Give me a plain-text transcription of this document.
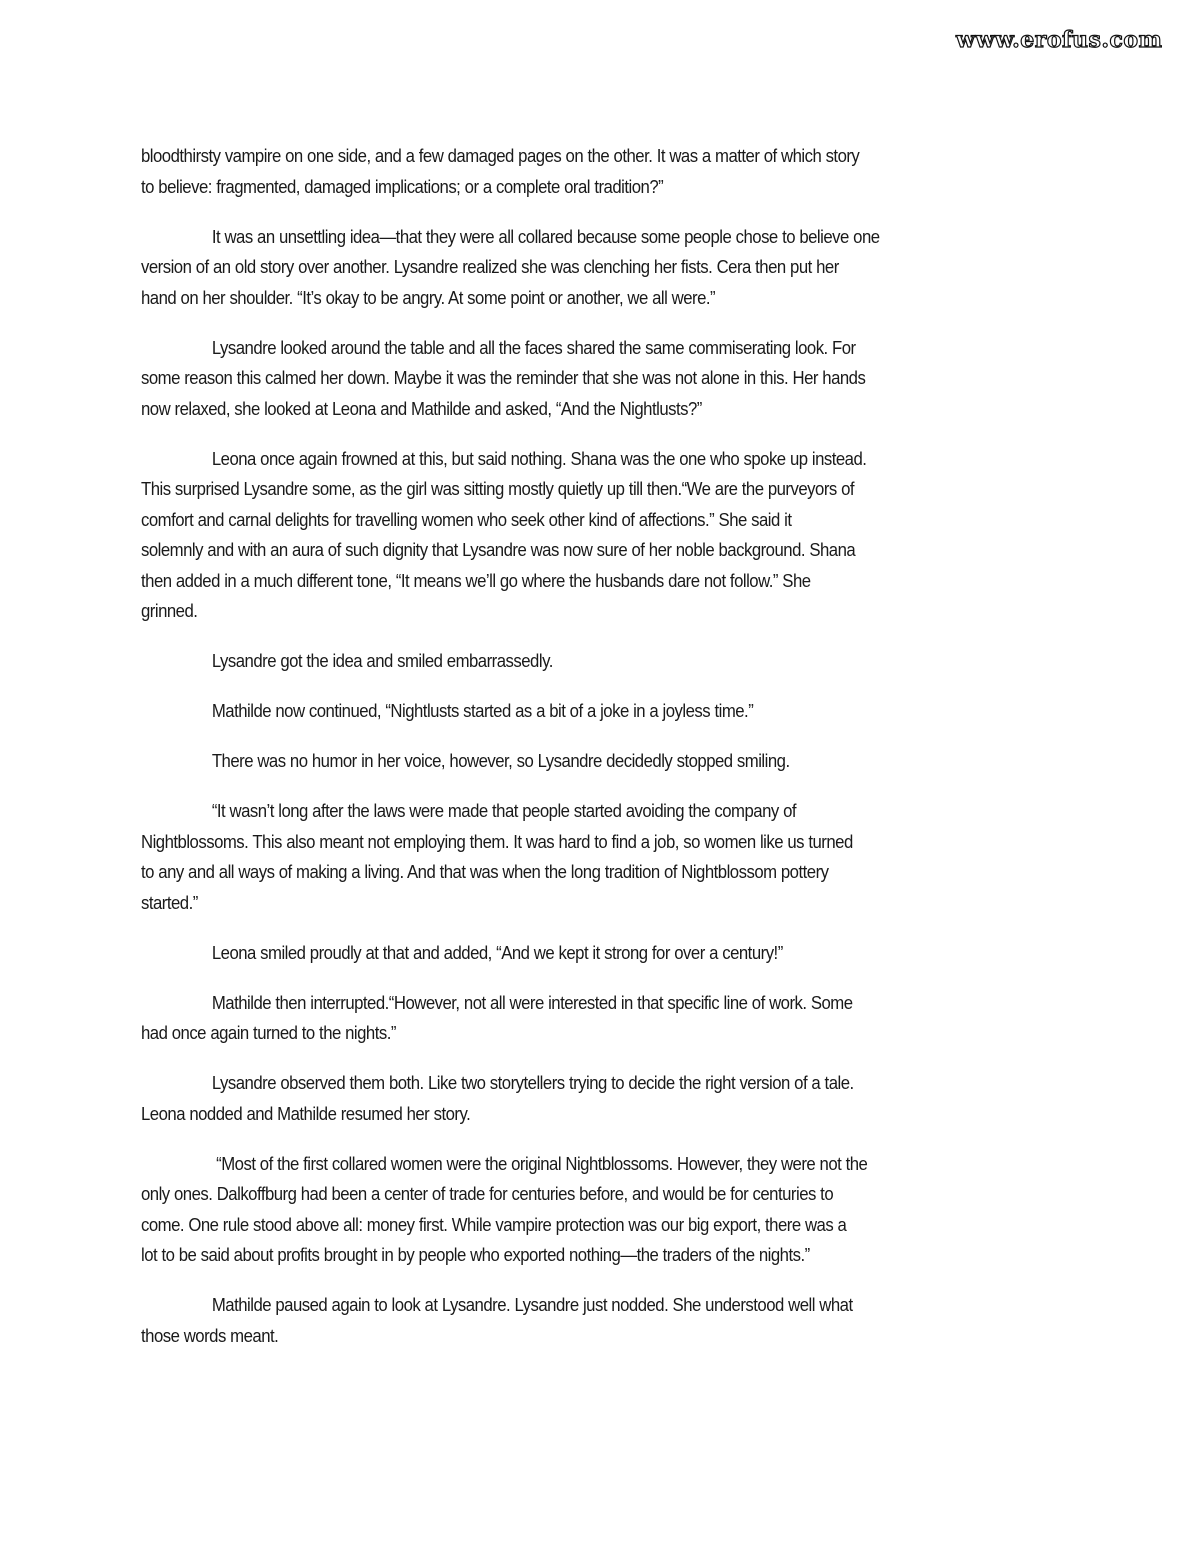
www.erofus.com
bloodthirsty vampire on one side, and a few damaged pages on the other. It was a matter of which story
to believe: fragmented, damaged implications; or a complete oral tradition?”
It was an unsettling idea—that they were all collared because some people chose to believe one
version of an old story over another. Lysandre realized she was clenching her fists. Cera then put her
hand on her shoulder. “It’s okay to be angry. At some point or another, we all were.”
Lysandre looked around the table and all the faces shared the same commiserating look. For
some reason this calmed her down. Maybe it was the reminder that she was not alone in this. Her hands
now relaxed, she looked at Leona and Mathilde and asked, “And the Nightlusts?”
Leona once again frowned at this, but said nothing. Shana was the one who spoke up instead.
This surprised Lysandre some, as the girl was sitting mostly quietly up till then.“We are the purveyors of
comfort and carnal delights for travelling women who seek other kind of affections.” She said it
solemnly and with an aura of such dignity that Lysandre was now sure of her noble background. Shana
then added in a much different tone, “It means we’ll go where the husbands dare not follow.” She
grinned.
Lysandre got the idea and smiled embarrassedly.
Mathilde now continued, “Nightlusts started as a bit of a joke in a joyless time.”
There was no humor in her voice, however, so Lysandre decidedly stopped smiling.
“It wasn’t long after the laws were made that people started avoiding the company of
Nightblossoms. This also meant not employing them. It was hard to find a job, so women like us turned
to any and all ways of making a living. And that was when the long tradition of Nightblossom pottery
started.”
Leona smiled proudly at that and added, “And we kept it strong for over a century!”
Mathilde then interrupted.“However, not all were interested in that specific line of work. Some
had once again turned to the nights.”
Lysandre observed them both. Like two storytellers trying to decide the right version of a tale.
Leona nodded and Mathilde resumed her story.
“Most of the first collared women were the original Nightblossoms. However, they were not the
only ones. Dalkoffburg had been a center of trade for centuries before, and would be for centuries to
come. One rule stood above all: money first. While vampire protection was our big export, there was a
lot to be said about profits brought in by people who exported nothing—the traders of the nights.”
Mathilde paused again to look at Lysandre. Lysandre just nodded. She understood well what
those words meant.
